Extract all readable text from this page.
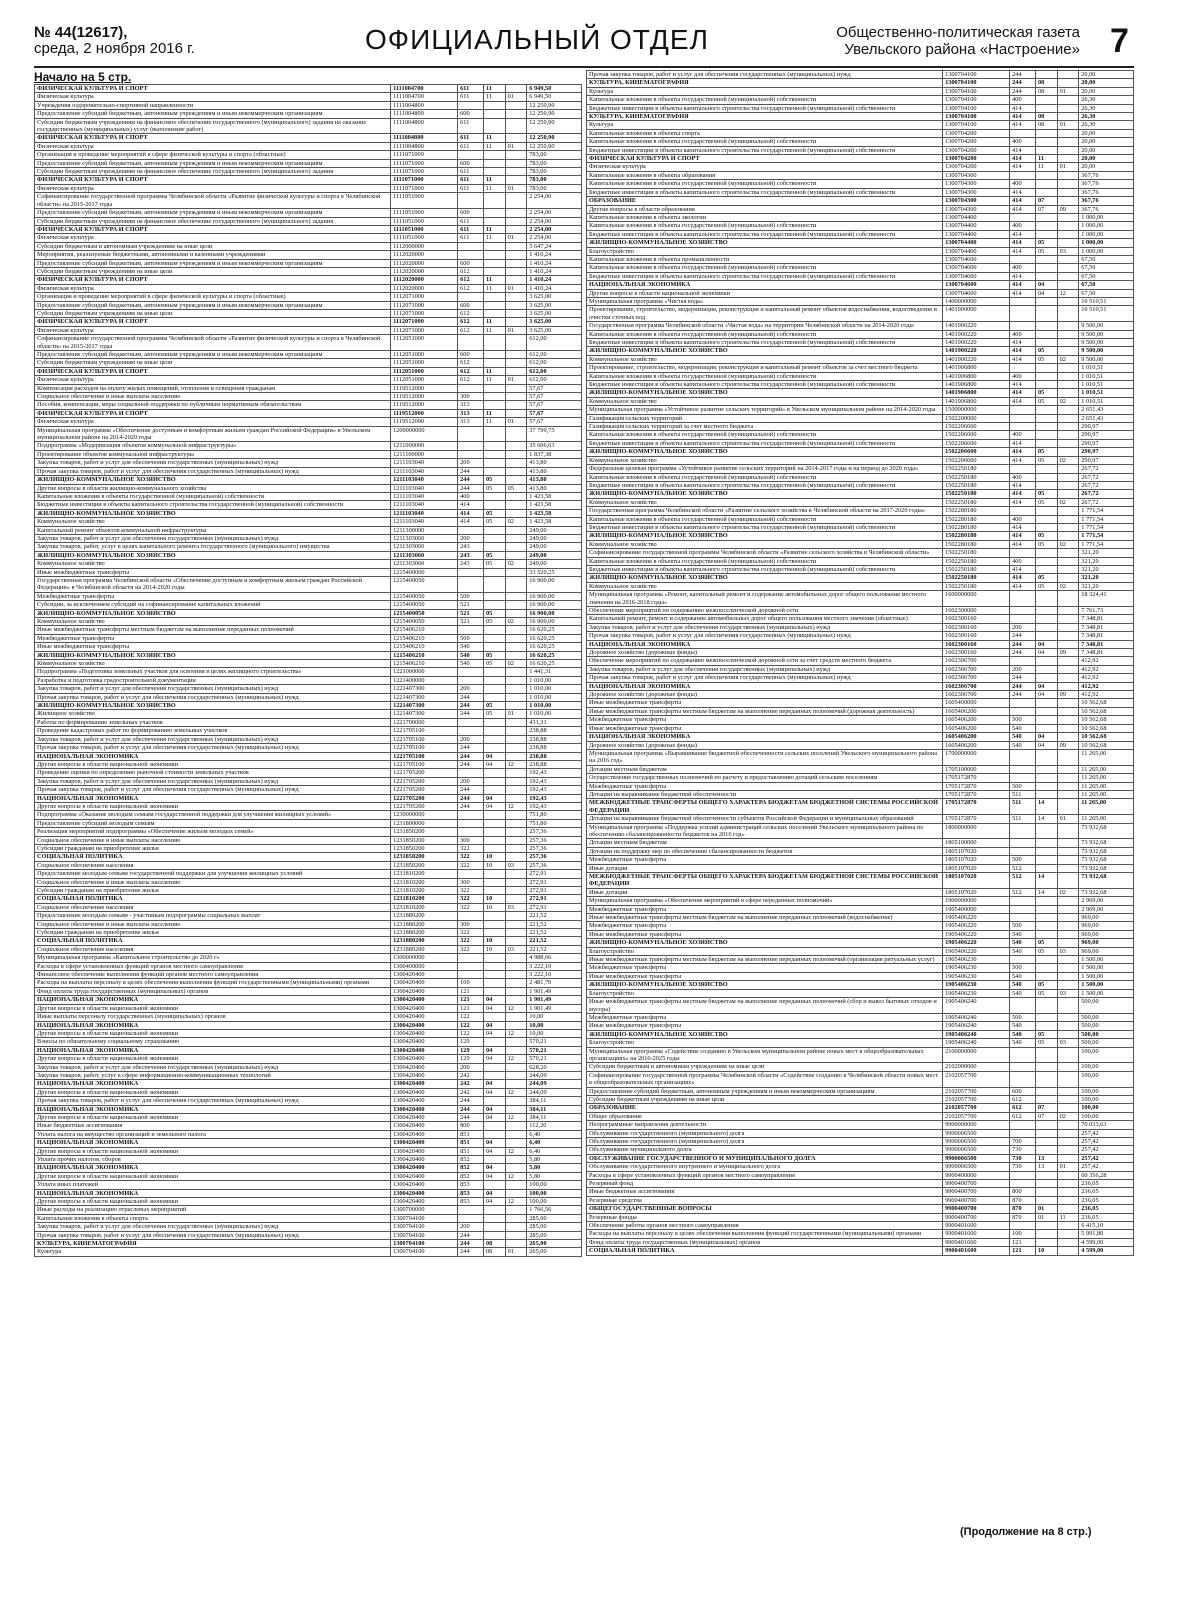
№ 44(12617),
среда, 2 ноября 2016 г.	ОФИЦИАЛЬНЫЙ ОТДЕЛ	Общественно-политическая газета
Увельского района «Настроение» 7
Начало на 5 стр.
ФИЗИЧЕСКАЯ КУЛЬТУРА И СПОРТ	1111004700	611	11		6 949,50
Физическая культура	1111004700	611	11	01	6 949,50
Учреждения оздоровительно-спортивной направленности	1111004800				12 250,90
Предоставление субсидий бюджетным, автономным учреждениям и иным некоммерческим организациям	1111004800	600			12 250,90
Субсидии бюджетным учреждениям на финансовое обеспечение государственного (муниципального) задания на оказание государственных (муниципальных) услуг (выполнение работ)	1111004800	611			12 250,90
ФИЗИЧЕСКАЯ КУЛЬТУРА И СПОРТ	1111004800	611	11		12 250,90
Физическая культура	1111004800	611	11	01	12 250,90
Организация и проведение мероприятий в сфере физической культуры и спорта (областные)	1111071000				783,00
Предоставление субсидий бюджетным, автономным учреждениям и иным некоммерческим организациям	1111071000	600			783,00
Субсидии бюджетным учреждениям на финансовое обеспечение государственного (муниципального) задания	1111071000	611			783,00
ФИЗИЧЕСКАЯ КУЛЬТУРА И СПОРТ	1111071000	611	11		783,00
Физическая культура	1111071000	611	11	01	783,00
Софинансирование государственной программы Челябинской области «Развитие физической культуры и спорта в Челябинской области» на 2015-2017 годы	1111051000				2 254,00
Предоставление субсидий бюджетным, автономным учреждениям и иным некоммерческим организациям	1111051000	600			2 254,00
Субсидии бюджетным учреждениям на финансовое обеспечение государственного (муниципального) задания	1111051000	611			2 254,00
ФИЗИЧЕСКАЯ КУЛЬТУРА И СПОРТ	1111051000	611	11		2 254,00
Физическая культура	1111051000	611	11	01	2 254,00
Субсидии бюджетным и автономным учреждениям на иные цели	1112000000				5 647,24
Мероприятия, реализуемые бюджетными, автономными и казенными учреждениями	1112020000				1 410,24
Предоставление субсидий бюджетным, автономным учреждениям и иным некоммерческим организациям	1112020000	600			1 410,24
Субсидии бюджетным учреждениям на иные цели	1112020000	612			1 410,24
ФИЗИЧЕСКАЯ КУЛЬТУРА И СПОРТ	1112020000	612	11		1 410,24
Физическая культура	1112020000	612	11	01	1 410,24
Организация и проведение мероприятий в сфере физической культуры и спорта (областные)	1112071000				3 625,00
Предоставление субсидий бюджетным, автономным учреждениям и иным некоммерческим организациям	1112071000	600			3 625,00
Субсидии бюджетным учреждениям на иные цели	1112071000	612			3 625,00
ФИЗИЧЕСКАЯ КУЛЬТУРА И СПОРТ	1112071000	612	11		3 625,00
Физическая культура	1112071000	612	11	01	3 625,00
Софинансирование государственной программы Челябинской области «Развитие физической культуры и спорта в Челябинской области» на 2015-2017 годы	1112051000				612,00
Предоставление субсидий бюджетным, автономным учреждениям и иным некоммерческим организациям	1112051000	600			612,00
Субсидии бюджетным учреждениям на иные цели	1112051000	612			612,00
ФИЗИЧЕСКАЯ КУЛЬТУРА И СПОРТ	1112051000	612	11		612,00
Физическая культура	1112051000	612	11	01	612,00
Компенсация расходов на оплату жилых помещений, отопления и освещения гражданам	1119512000				57,67
Социальное обеспечение и иные выплаты населению	1119512000	300			57,67
Пособия, компенсации, меры социальной поддержки по публичным нормативным обязательствам	1119512000	313			57,67
ФИЗИЧЕСКАЯ КУЛЬТУРА И СПОРТ	1119512000	313	11		57,67
Физическая культура	1119512000	313	11	01	57,67
Муниципальная программа «Обеспечение доступным и комфортным жильем граждан Российской Федерации» в Увельском муниципальном районе на 2014-2020 годы	1200000000				37 799,75
Подпрограмма «Модернизация объектов коммунальной инфраструктуры»	1211000000				35 606,63
Проектирование объектов коммунальной инфраструктуры	1211100000				1 837,38
Закупка товаров, работ и услуг для обеспечения государственных (муниципальных) нужд	1211103040	200			413,80
Прочая закупка товаров, работ и услуг для обеспечения государственных (муниципальных) нужд	1211103040	244			413,80
ЖИЛИЩНО-КОММУНАЛЬНОЕ ХОЗЯЙСТВО	1211103040	244	05		413,80
Другие вопросы в области жилищно-коммунального хозяйства	1211103040	244	05	05	413,80
Капитальные вложения в объекты государственной (муниципальной) собственности	1211103040	400			1 423,58
Бюджетные инвестиции в объекты капитального строительства государственной (муниципальной) собственности	1211103040	414			1 423,58
ЖИЛИЩНО-КОММУНАЛЬНОЕ ХОЗЯЙСТВО	1211103040	414	05		1 423,58
Коммунальное хозяйство	1211103040	414	05	02	1 423,58
Капитальный ремонт объектов коммунальной инфраструктуры	1211300000				249,00
Закупка товаров, работ и услуг для обеспечения государственных (муниципальных) нужд	1211303060	200			249,00
Закупка товаров, работ, услуг в целях капитального ремонта государственного (муниципального) имущества	1211303060	243			249,00
ЖИЛИЩНО-КОММУНАЛЬНОЕ ХОЗЯЙСТВО	1211303060	243	05		249,00
Коммунальное хозяйство	1211303060	243	05	02	249,00
Иные межбюджетные трансферты	1215400000				33 520,25
Государственная программа Челябинской области «Обеспечение доступным и комфортным жильем граждан Российской Федерации» в Челябинской области на 2014-2020 годы	1215400050				16 900,00
Межбюджетные трансферты	1215400050	500			16 900,00
Субсидии, за исключением субсидий на софинансирование капитальных вложений	1215400050	521			16 900,00
ЖИЛИЩНО-КОММУНАЛЬНОЕ ХОЗЯЙСТВО	1215400050	521	05		16 900,00
Коммунальное хозяйство	1215400050	521	05	02	16 900,00
Иные межбюджетные трансферты местным бюджетам на выполнение переданных полномочий	1215406210				16 620,25
Межбюджетные трансферты	1215406210	500			16 620,25
Иные межбюджетные трансферты	1215406210	540			16 620,25
ЖИЛИЩНО-КОММУНАЛЬНОЕ ХОЗЯЙСТВО	1215406210	540	05		16 620,25
Коммунальное хозяйство	1215406210	540	05	02	16 620,25
Подпрограмма «Подготовка земельных участков для освоения в целях жилищного строительства»	1221000000				1 441,31
Разработка и подготовка градостроительной документации	1221400000				1 010,00
Закупка товаров, работ и услуг для обеспечения государственных (муниципальных) нужд	1221407300	200			1 010,00
Прочая закупка товаров, работ и услуг для обеспечения государственных (муниципальных) нужд	1221407300	244			1 010,00
ЖИЛИЩНО-КОММУНАЛЬНОЕ ХОЗЯЙСТВО	1221407300	244	05		1 010,00
Жилищное хозяйство	1221407300	244	05	01	1 010,00
Работы по формированию земельных участков	1221700000				431,31
Проведение кадастровых работ по формированию земельных участков	1221705100				238,88
Закупка товаров, работ и услуг для обеспечения государственных (муниципальных) нужд	1221705100	200			238,88
Прочая закупка товаров, работ и услуг для обеспечения государственных (муниципальных) нужд	1221705100	244			238,88
НАЦИОНАЛЬНАЯ ЭКОНОМИКА	1221705100	244	04		238,88
Другие вопросы в области национальной экономики	1221705100	244	04	12	238,88
Проведение оценки по определению рыночной стоимости земельных участков	1221705200				192,43
Закупка товаров, работ и услуг для обеспечения государственных (муниципальных) нужд	1221705200	200			192,43
Прочая закупка товаров, работ и услуг для обеспечения государственных (муниципальных) нужд	1221705200	244			192,43
НАЦИОНАЛЬНАЯ ЭКОНОМИКА	1221705200	244	04		192,43
Другие вопросы в области национальной экономики	1221705200	244	04	12	192,43
Подпрограмма «Оказание молодым семьям государственной поддержки для улучшения жилищных условий»	1230000000				751,80
Предоставление субсидий молодым семьям	1231800000				751,80
Реализация мероприятий подпрограммы «Обеспечение жильем молодых семей»	1231850200				257,36
Социальное обеспечение и иные выплаты населению	1231850200	300			257,36
Субсидии гражданам на приобретение жилья	1231850200	322			257,36
СОЦИАЛЬНАЯ ПОЛИТИКА	1231850200	322	10		257,36
Социальное обеспечение населения	1231850200	322	10	03	257,36
Предоставление молодым семьям государственной поддержки для улучшения жилищных условий	1231810200				272,91
Социальное обеспечение и иные выплаты населению	1231810200	300			272,91
Субсидии гражданам на приобретение жилья	1231810200	322			272,91
СОЦИАЛЬНАЯ ПОЛИТИКА	1231810200	322	10		272,91
Социальное обеспечение населения	1231810200	322	10	03	272,91
Предоставление молодым семьям - участникам подпрограммы социальных выплат	1231880200				221,52
Социальное обеспечение и иные выплаты населению	1231880200	300			221,52
Субсидии гражданам на приобретение жилья	1231880200	322			221,52
СОЦИАЛЬНАЯ ПОЛИТИКА	1231880200	322	10		221,52
Социальное обеспечение населения	1231880200	322	10	03	221,52
Муниципальная программа «Капитальное строительство до 2020 г»	1300000000				4 988,66
Расходы в сфере установленных функций органов местного самоуправления	1300400000				3 222,10
Финансовое обеспечение выполнения функций органов местного самоуправления	1300420400				3 222,10
Расходы на выплаты персоналу в целях обеспечения выполнения функций государственными (муниципальными) органами	1300420400	100			2 481,70
Фонд оплаты труда государственных (муниципальных) органов	1300420400	121			1 901,49
НАЦИОНАЛЬНАЯ ЭКОНОМИКА	1300420400	121	04		1 901,49
Другие вопросы в области национальной экономики	1300420400	121	04	12	1 901,49
Иные выплаты персоналу государственных (муниципальных) органов	1300420400	122			10,00
НАЦИОНАЛЬНАЯ ЭКОНОМИКА	1300420400	122	04		10,00
Другие вопросы в области национальной экономики	1300420400	122	04	12	10,00
Взносы по обязательному социальному страхованию	1300420400	129			570,21
НАЦИОНАЛЬНАЯ ЭКОНОМИКА	1300420400	129	04		570,21
Другие вопросы в области национальной экономики	1300420400	129	04	12	570,21
Закупка товаров, работ и услуг для обеспечения государственных (муниципальных) нужд	1300420400	200			628,20
Закупка товаров, работ, услуг в сфере информационно-коммуникационных технологий	1300420400	242			244,09
НАЦИОНАЛЬНАЯ ЭКОНОМИКА	1300420400	242	04		244,09
Другие вопросы в области национальной экономики	1300420400	242	04	12	244,09
Прочая закупка товаров, работ и услуг для обеспечения государственных (муниципальных) нужд	1300420400	244			384,11
НАЦИОНАЛЬНАЯ ЭКОНОМИКА	1300420400	244	04		384,11
Другие вопросы в области национальной экономики	1300420400	244	04	12	384,11
Иные бюджетные ассигнования	1300420400	800			112,20
Уплата налога на имущество организаций и земельного налога	1300420400	851			6,40
НАЦИОНАЛЬНАЯ ЭКОНОМИКА	1300420400	851	04		6,40
Другие вопросы в области национальной экономики	1300420400	851	04	12	6,40
Уплата прочих налогов, сборов	1300420400	852			5,80
НАЦИОНАЛЬНАЯ ЭКОНОМИКА	1300420400	852	04		5,80
Другие вопросы в области национальной экономики	1300420400	852	04	12	5,80
Уплата иных платежей	1300420400	853			100,00
НАЦИОНАЛЬНАЯ ЭКОНОМИКА	1300420400	853	04		100,00
Другие вопросы в области национальной экономики	1300420400	853	04	12	100,00
Иные расходы на реализацию отраслевых мероприятий	1300700000				1 766,56
Капитальные вложения в объекты спорта	1300704100				285,00
Закупка товаров, работ и услуг для обеспечения государственных (муниципальных) нужд	1300704100	200			285,00
Прочая закупка товаров, работ и услуг для обеспечения государственных (муниципальных) нужд	1300704100	244			285,00
КУЛЬТУРА, КИНЕМАТОГРАФИЯ	1300704100	244	08		265,00
Культура	1300704100	244	08	01	265,00
Прочая закупка товаров, работ и услуг для обеспечения государственных (муниципальных) нужд	1300704100	244			20,00
КУЛЬТУРА, КИНЕМАТОГРАФИЯ	1300704100	244	08		20,00
Культура	1300704100	244	08	01	20,00
Капитальные вложения в объекты государственной (муниципальной) собственности	1300704100	400			26,30
Бюджетные инвестиции в объекты капитального строительства государственной (муниципальной) собственности	1300704100	414			26,30
КУЛЬТУРА, КИНЕМАТОГРАФИЯ	1300704100	414	08		26,30
Культура	1300704100	414	08	01	26,30
Капитальные вложения в объекты спорта	1300704200				20,00
Капитальные вложения в объекты государственной (муниципальной) собственности	1300704200	400			20,00
Бюджетные инвестиции в объекты капитального строительства государственной (муниципальной) собственности	1300704200	414			20,00
ФИЗИЧЕСКАЯ КУЛЬТУРА И СПОРТ	1300704200	414	11		20,00
Физическая культура	1300704200	414	11	01	20,00
Капитальные вложения в объекты образования	1300704300				367,76
Капитальные вложения в объекты государственной (муниципальной) собственности	1300704300	400			367,76
Бюджетные инвестиции в объекты капитального строительства государственной (муниципальной) собственности	1300704300	414			367,76
ОБРАЗОВАНИЕ	1300704300	414	07		367,76
Другие вопросы в области образования	1300704300	414	07	09	367,76
Капитальные вложения в объекты экологии	1300704400				1 000,00
Капитальные вложения в объекты государственной (муниципальной) собственности	1300704400	400			1 000,00
Бюджетные инвестиции в объекты капитального строительства государственной (муниципальной) собственности	1300704400	414			1 000,00
ЖИЛИЩНО-КОММУНАЛЬНОЕ ХОЗЯЙСТВО	1300704400	414	05		1 000,00
Благоустройство	1300704400	414	05	03	1 000,00
Капитальные вложения в объекты промышленности	1300704600				67,50
Капитальные вложения в объекты государственной (муниципальной) собственности	1300704600	400			67,50
Бюджетные инвестиции в объекты капитального строительства государственной (муниципальной) собственности	1300704600	414			67,50
НАЦИОНАЛЬНАЯ ЭКОНОМИКА	1300704600	414	04		67,50
Другие вопросы в области национальной экономики	1300704600	414	04	12	67,50
Муниципальная программа «Чистая вода»	1400000000				10 510,51
Проектирование, строительство, модернизация, реконструкция и капитальный ремонт объектов водоснабжения, водоотведения и очистки сточных вод	1401900000				10 510,51
Государственная программа Челябинской области «Чистая вода» на территории Челябинской области на 2014-2020 годы	1401900220				9 500,00
Капитальные вложения в объекты государственной (муниципальной) собственности	1401900220	400			9 500,00
Бюджетные инвестиции в объекты капитального строительства государственной (муниципальной) собственности	1401900220	414			9 500,00
ЖИЛИЩНО-КОММУНАЛЬНОЕ ХОЗЯЙСТВО	1401900220	414	05		9 500,00
Коммунальное хозяйство	1401900220	414	05	02	9 500,00
Проектирование, строительство, модернизация, реконструкция и капитальный ремонт объектов за счет местного бюджета	1401906800				1 010,51
Капитальные вложения в объекты государственной (муниципальной) собственности	1401906800	400			1 010,51
Бюджетные инвестиции в объекты капитального строительства государственной (муниципальной) собственности	1401906800	414			1 010,51
ЖИЛИЩНО-КОММУНАЛЬНОЕ ХОЗЯЙСТВО	1401906800	414	05		1 010,51
Коммунальное хозяйство	1401906800	414	05	02	1 010,51
Муниципальная программа «Устойчивое развитие сельских территорий» в Увельском муниципальном районе на 2014-2020 годы	1500000000				2 651,43
Газификация сельских территорий	1502200000				2 651,43
Газификация сельских территорий за счет местного бюджета	1502206600				290,97
Капитальные вложения в объекты государственной (муниципальной) собственности	1502206600	400			290,97
Бюджетные инвестиции в объекты капитального строительства государственной (муниципальной) собственности	1502206600	414			290,97
ЖИЛИЩНО-КОММУНАЛЬНОЕ ХОЗЯЙСТВО	1502206600	414	05		290,97
Коммунальное хозяйство	1502206600	414	05	02	290,97
Федеральная целевая программа «Устойчивое развитие сельских территорий на 2014-2017 годы и на период до 2020 года»	1502250180				267,72
Капитальные вложения в объекты государственной (муниципальной) собственности	1502250180	400			267,72
Бюджетные инвестиции в объекты капитального строительства государственной (муниципальной) собственности	1502250180	414			267,72
ЖИЛИЩНО-КОММУНАЛЬНОЕ ХОЗЯЙСТВО	1502250180	414	05		267,72
Коммунальное хозяйство	1502250180	414	05	02	267,72
Государственная программа Челябинской области «Развитие сельского хозяйства в Челябинской области на 2017-2020 годы»	1502280180				1 771,54
Капитальные вложения в объекты государственной (муниципальной) собственности	1502280180	400			1 771,54
Бюджетные инвестиции в объекты капитального строительства государственной (муниципальной) собственности	1502280180	414			1 771,54
ЖИЛИЩНО-КОММУНАЛЬНОЕ ХОЗЯЙСТВО	1502280180	414	05		1 771,54
Коммунальное хозяйство	1502280180	414	05	02	1 771,54
Софинансирование государственной программы Челябинской области «Развитие сельского хозяйства в Челябинской области»	1502250180				321,20
Капитальные вложения в объекты государственной (муниципальной) собственности	1502250180	400			321,20
Бюджетные инвестиции в объекты капитального строительства государственной (муниципальной) собственности	1502250180	414			321,20
ЖИЛИЩНО-КОММУНАЛЬНОЕ ХОЗЯЙСТВО	1502250180	414	05		321,20
Коммунальное хозяйство	1502250180	414	05	02	321,20
Муниципальная программа «Ремонт, капитальный ремонт и содержание автомобильных дорог общего пользования местного значения на 2016-2018 годы»	1600000000				18 324,41
Обеспечение мероприятий по содержанию межпоселенческой дорожной сети	1602300000				7 761,73
Капитальный ремонт, ремонт и содержание автомобильных дорог общего пользования местного значения (областные)	1602300160				7 348,81
Закупка товаров, работ и услуг для обеспечения государственных (муниципальных) нужд	1602300160	200			7 348,81
Прочая закупка товаров, работ и услуг для обеспечения государственных (муниципальных) нужд	1602300160	244			7 348,81
НАЦИОНАЛЬНАЯ ЭКОНОМИКА	1602300160	244	04		7 348,81
Дорожное хозяйство (дорожные фонды)	1602300160	244	04	09	7 348,81
Обеспечение мероприятий по содержанию межпоселенческой дорожной сети за счет средств местного бюджета	1602306700				412,92
Закупка товаров, работ и услуг для обеспечения государственных (муниципальных) нужд	1602306700	200			412,92
Прочая закупка товаров, работ и услуг для обеспечения государственных (муниципальных) нужд	1602306700	244			412,92
НАЦИОНАЛЬНАЯ ЭКОНОМИКА	1602306700	244	04		412,92
Дорожное хозяйство (дорожные фонды)	1602306700	244	04	09	412,92
Иные межбюджетные трансферты	1605400000				10 562,68
Иные межбюджетные трансферты местным бюджетам на выполнение переданных полномочий (дорожная деятельность)	1605406200				10 562,68
Межбюджетные трансферты	1605406200	500			10 562,68
Иные межбюджетные трансферты	1605406200	540			10 562,68
НАЦИОНАЛЬНАЯ ЭКОНОМИКА	1605406200	540	04		10 562,68
Дорожное хозяйство (дорожные фонды)	1605406200	540	04	09	10 562,68
Муниципальная программа «Выравнивание бюджетной обеспеченности сельских поселений Увельского муниципального района на 2016 год»	1700000000				11 265,00
Дотации местным бюджетам	1705100000				11 265,00
Осуществление государственных полномочий по расчету и предоставлению дотаций сельским поселениям	1705172870				11 265,00
Межбюджетные трансферты	1705172870	500			11 265,00
Дотации на выравнивание бюджетной обеспеченности	1705172870	511			11 265,00
МЕЖБЮДЖЕТНЫЕ ТРАНСФЕРТЫ ОБЩЕГО ХАРАКТЕРА БЮДЖЕТАМ БЮДЖЕТНОЙ СИСТЕМЫ РОССИЙСКОЙ ФЕДЕРАЦИИ	1705172870	511	14		11 265,00
Дотации на выравнивание бюджетной обеспеченности субъектов Российской Федерации и муниципальных образований	1705172870	511	14	01	11 265,00
Муниципальная программа «Поддержка усилий администраций сельских поселений Увельского муниципального района по обеспечению сбалансированности бюджетов на 2016 год»	1800000000				73 932,68
Дотации местным бюджетам	1805100000				73 932,68
Дотации на поддержку мер по обеспечению сбалансированности бюджетов	1805107020				73 932,68
Межбюджетные трансферты	1805107020	500			73 932,68
Иные дотации	1805107020	512			73 932,68
МЕЖБЮДЖЕТНЫЕ ТРАНСФЕРТЫ ОБЩЕГО ХАРАКТЕРА БЮДЖЕТАМ БЮДЖЕТНОЙ СИСТЕМЫ РОССИЙСКОЙ ФЕДЕРАЦИИ	1805107020	512	14		73 932,68
Иные дотации	1805107020	512	14	02	73 932,68
Муниципальная программа «Обеспечение мероприятий в сфере переданных полномочий»	1900000000				2 969,00
Межбюджетные трансферты	1905400000				2 969,00
Иные межбюджетные трансферты местным бюджетам на выполнение переданных полномочий (водоснабжение)	1905406220				969,00
Межбюджетные трансферты	1905406220	500			969,00
Иные межбюджетные трансферты	1905406220	540			969,00
ЖИЛИЩНО-КОММУНАЛЬНОЕ ХОЗЯЙСТВО	1905406220	540	05		969,00
Благоустройство	1905406220	540	05	03	969,00
Иные межбюджетные трансферты местным бюджетам на выполнение переданных полномочий (организация ритуальных услуг)	1905406230				1 500,00
Межбюджетные трансферты	1905406230	500			1 500,00
Иные межбюджетные трансферты	1905406230	540			1 500,00
ЖИЛИЩНО-КОММУНАЛЬНОЕ ХОЗЯЙСТВО	1905406230	540	05		1 500,00
Благоустройство	1905406230	540	05	03	1 500,00
Иные межбюджетные трансферты местным бюджетам на выполнение переданных полномочий (сбор и вывоз бытовых отходов и мусора)	1905406240				500,00
Межбюджетные трансферты	1905406240	500			500,00
Иные межбюджетные трансферты	1905406240	540			500,00
ЖИЛИЩНО-КОММУНАЛЬНОЕ ХОЗЯЙСТВО	1905406240	540	05		500,00
Благоустройство	1905406240	540	05	03	500,00
Муниципальная программа «Содействие созданию в Увельском муниципальном районе новых мест в общеобразовательных организациях» на 2016-2025 годы	2100000000				100,00
Субсидии бюджетным и автономным учреждениям на иные цели	2102000000				100,00
Софинансирование государственной программы Челябинской области «Содействие созданию в Челябинской области новых мест в общеобразовательных организациях»	2102057700				100,00
Предоставление субсидий бюджетным, автономным учреждениям и иным некоммерческим организациям	2102057700	600			100,00
Субсидии бюджетным учреждениям на иные цели	2102057700	612			100,00
ОБРАЗОВАНИЕ	2102057700	612	07		100,00
Общее образование	2102057700	612	07	02	100,00
Непрограммные направления деятельности	9900000000				70 033,63
Обслуживание государственного (муниципального) долга	9900006500				257,42
Обслуживание государственного (муниципального) долга	9900006500	700			257,42
Обслуживание муниципального долга	9900006500	730			257,42
ОБСЛУЖИВАНИЕ ГОСУДАРСТВЕННОГО И МУНИЦИПАЛЬНОГО ДОЛГА	9900006500	730	13		257,42
Обслуживание государственного внутреннего и муниципального долга	9900006500	730	13	01	257,42
Расходы в сфере установленных функций органов местного самоуправления	9900400000				60 356,28
Резервный фонд	9900400700				236,05
Иные бюджетные ассигнования	9900400700	800			236,05
Резервные средства	9900400700	870			236,05
ОБЩЕГОСУДАРСТВЕННЫЕ ВОПРОСЫ	9900400700	870	01		236,05
Резервные фонды	9900400700	870	01	11	236,05
Обеспечение работы органов местного самоуправления	9900401600				6 415,10
Расходы на выплаты персоналу в целях обеспечения выполнения функций государственными (муниципальными) органами	9900401600	100			5 991,80
Фонд оплаты труда государственных (муниципальных) органов	9900401600	121			4 599,00
СОЦИАЛЬНАЯ ПОЛИТИКА	9900401600	121	10		4 599,00
(Продолжение на 8 стр.)
